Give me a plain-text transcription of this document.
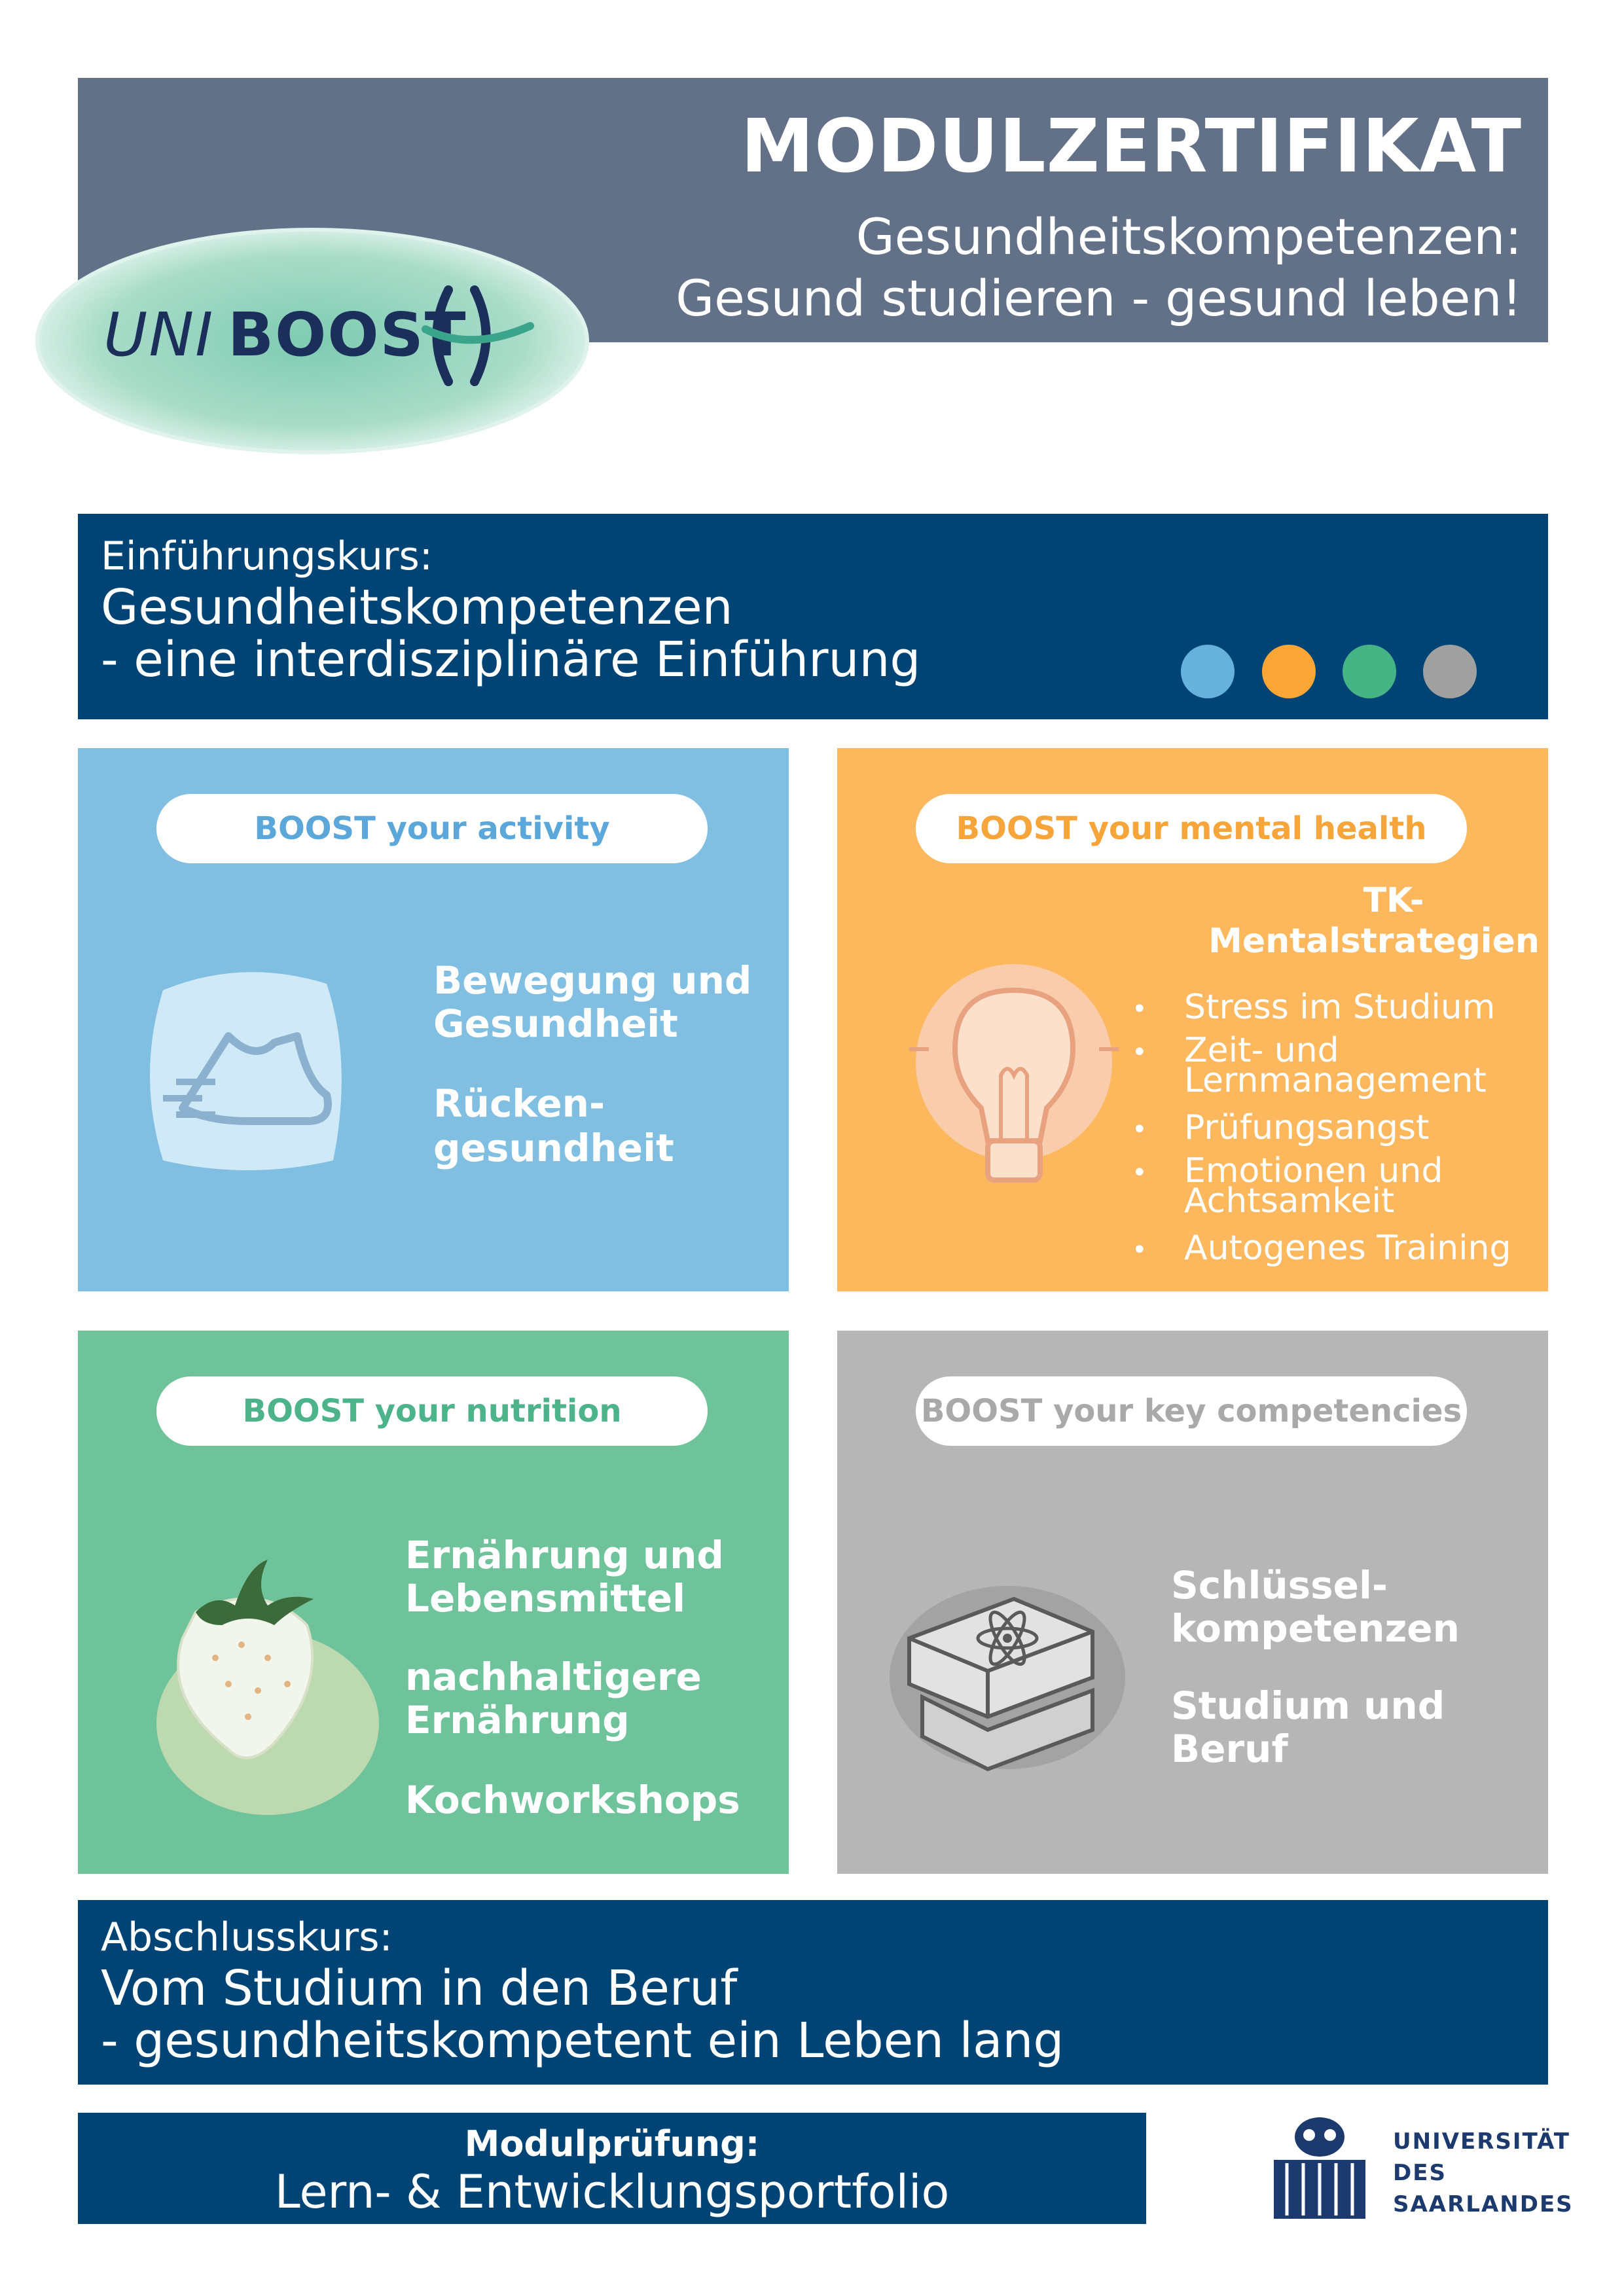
MODULZERTIFIKAT
Gesundheitskompetenzen:
Gesund studieren - gesund leben!
UNI BOOST
Einführungskurs:
Gesundheitskompetenzen
- eine interdisziplinäre Einführung
BOOST your activity
Bewegung und
Gesundheit
Rücken-
gesundheit
BOOST your mental health
TK-
Mentalstrategien
• Stress im Studium
• Zeit- und
Lernmanagement
• Prüfungsangst
• Emotionen und
Achtsamkeit
• Autogenes Training
BOOST your nutrition
Ernährung und
Lebensmittel
nachhaltigere
Ernährung
Kochworkshops
BOOST your key competencies
Schlüssel-
kompetenzen
Studium und
Beruf
Abschlusskurs:
Vom Studium in den Beruf
- gesundheitskompetent ein Leben lang
Modulprüfung:
Lern- & Entwicklungsportfolio
UNIVERSITÄT
DES
SAARLANDES
